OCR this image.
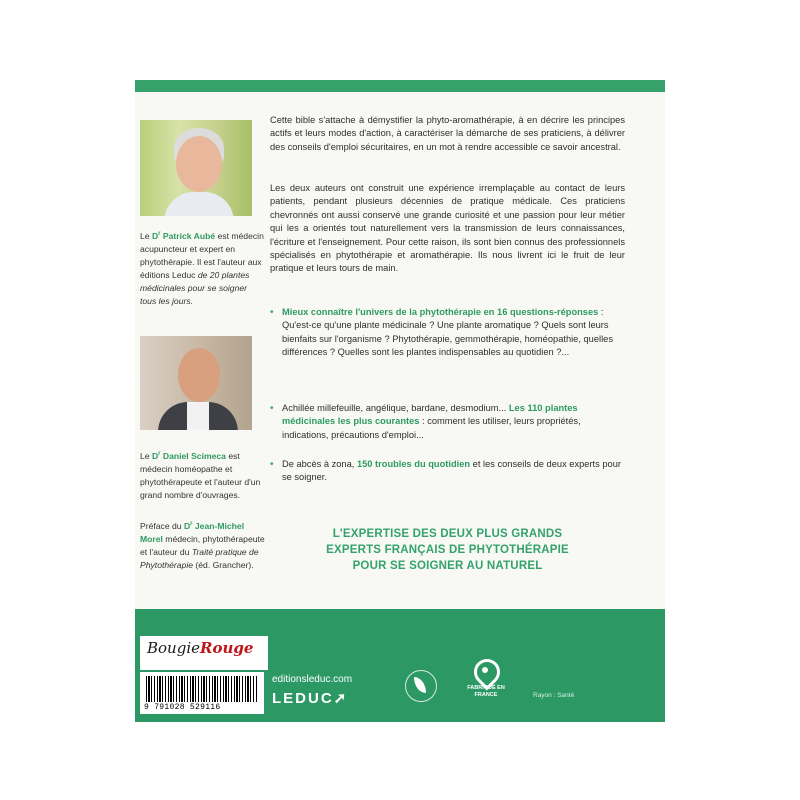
Le $D^r$ Patrick Aubé est médecin acupuncteur et expert en phytothérapie. Il est l'auteur aux éditions Leduc de 20 plantes médicinales pour se soigner tous les jours.
Le $D^r$ Daniel Scimeca est médecin homéopathe et phytothérapeute et l'auteur d'un grand nombre d'ouvrages.
Préface du $D^r$ Jean-Michel Morel médecin, phytothérapeute et l'auteur du Traité pratique de Phytothérapie (éd. Grancher).
Cette bible s'attache à démystifier la phyto-aromathérapie, à en décrire les principes actifs et leurs modes d'action, à caractériser la démarche de ses praticiens, à délivrer des conseils d'emploi sécuritaires, en un mot à rendre accessible ce savoir ancestral.
Les deux auteurs ont construit une expérience irremplaçable au contact de leurs patients, pendant plusieurs décennies de pratique médicale. Ces praticiens chevronnés ont aussi conservé une grande curiosité et une passion pour leur métier qui les a orientés tout naturellement vers la transmission de leurs connaissances, l'écriture et l'enseignement. Pour cette raison, ils sont bien connus des professionnels spécialisés en phytothérapie et aromathérapie. Ils nous livrent ici le fruit de leur pratique et leurs tours de main.
• Mieux connaître l'univers de la phytothérapie en 16 questions-réponses : Qu'est-ce qu'une plante médicinale ? Une plante aromatique ? Quels sont leurs bienfaits sur l'organisme ? Phytothérapie, gemmothérapie, homéopathie, quelles différences ? Quelles sont les plantes indispensables au quotidien ?...
• Achillée millefeuille, angélique, bardane, desmodium... Les 110 plantes médicinales les plus courantes : comment les utiliser, leurs propriétés, indications, précautions d'emploi...
• De abcès à zona, 150 troubles du quotidien et les conseils de deux experts pour se soigner.
L'EXPERTISE DES DEUX PLUS GRANDS
EXPERTS FRANÇAIS DE PHYTOTHÉRAPIE
POUR SE SOIGNER AU NATUREL
BougieRouge
9 791028 529116
editionsleduc.com
LEDUC➚
FABRIQUÉ EN FRANCE	Rayon : Santé
